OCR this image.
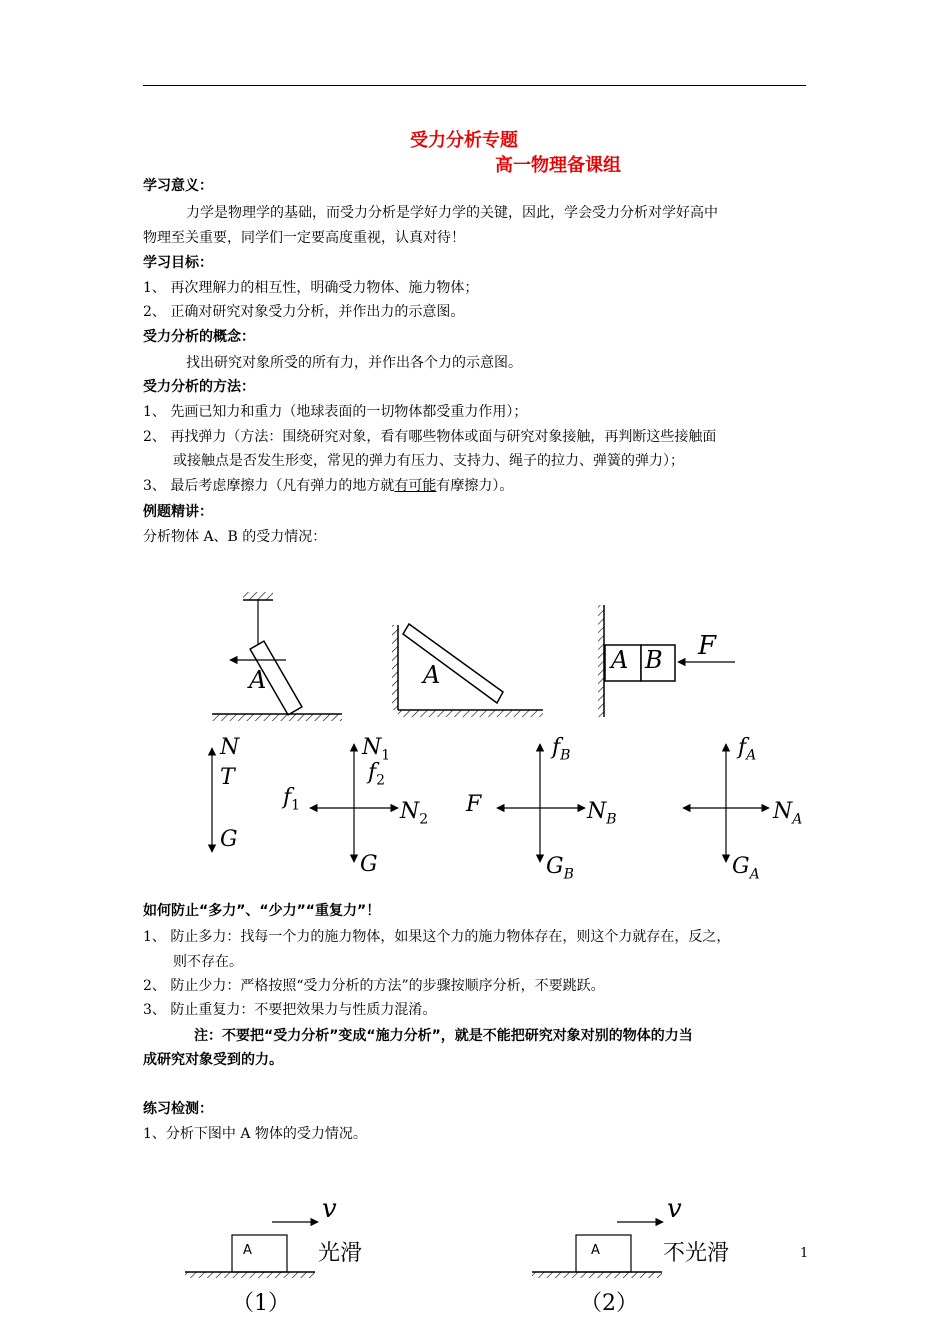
受力分析专题
高一物理备课组
学习意义：
力学是物理学的基础，而受力分析是学好力学的关键，因此，学会受力分析对学好高中
物理至关重要，同学们一定要高度重视，认真对待！
学习目标：
1、 再次理解力的相互性，明确受力物体、施力物体；
2、 正确对研究对象受力分析，并作出力的示意图。
受力分析的概念：
找出研究对象所受的所有力，并作出各个力的示意图。
受力分析的方法：
1、 先画已知力和重力（地球表面的一切物体都受重力作用）；
2、 再找弹力（方法：围绕研究对象，看有哪些物体或面与研究对象接触，再判断这些接触面
或接触点是否发生形变，常见的弹力有压力、支持力、绳子的拉力、弹簧的弹力）；
3、 最后考虑摩擦力（凡有弹力的地方就有可能有摩擦力）。
例题精讲：
分析物体 A、B 的受力情况：
A	A
A B F
N
T
G
$N_1$
$f_2$
$f_1$	$N_2$
G
$f_B$
F	$N_B$
$G_B$
$f_A$
$N_A$
$G_A$
如何防止“多力”、“少力”“重复力”！
1、 防止多力：找每一个力的施力物体，如果这个力的施力物体存在，则这个力就存在，反之，
则不存在。
2、 防止少力：严格按照“受力分析的方法”的步骤按顺序分析，不要跳跃。
3、 防止重复力：不要把效果力与性质力混淆。
注：不要把“受力分析”变成“施力分析”，就是不能把研究对象对别的物体的力当
成研究对象受到的力。
练习检测：
1、分析下图中 A 物体的受力情况。
A
v
光滑
（1）
A
v
不光滑
（2）
1
